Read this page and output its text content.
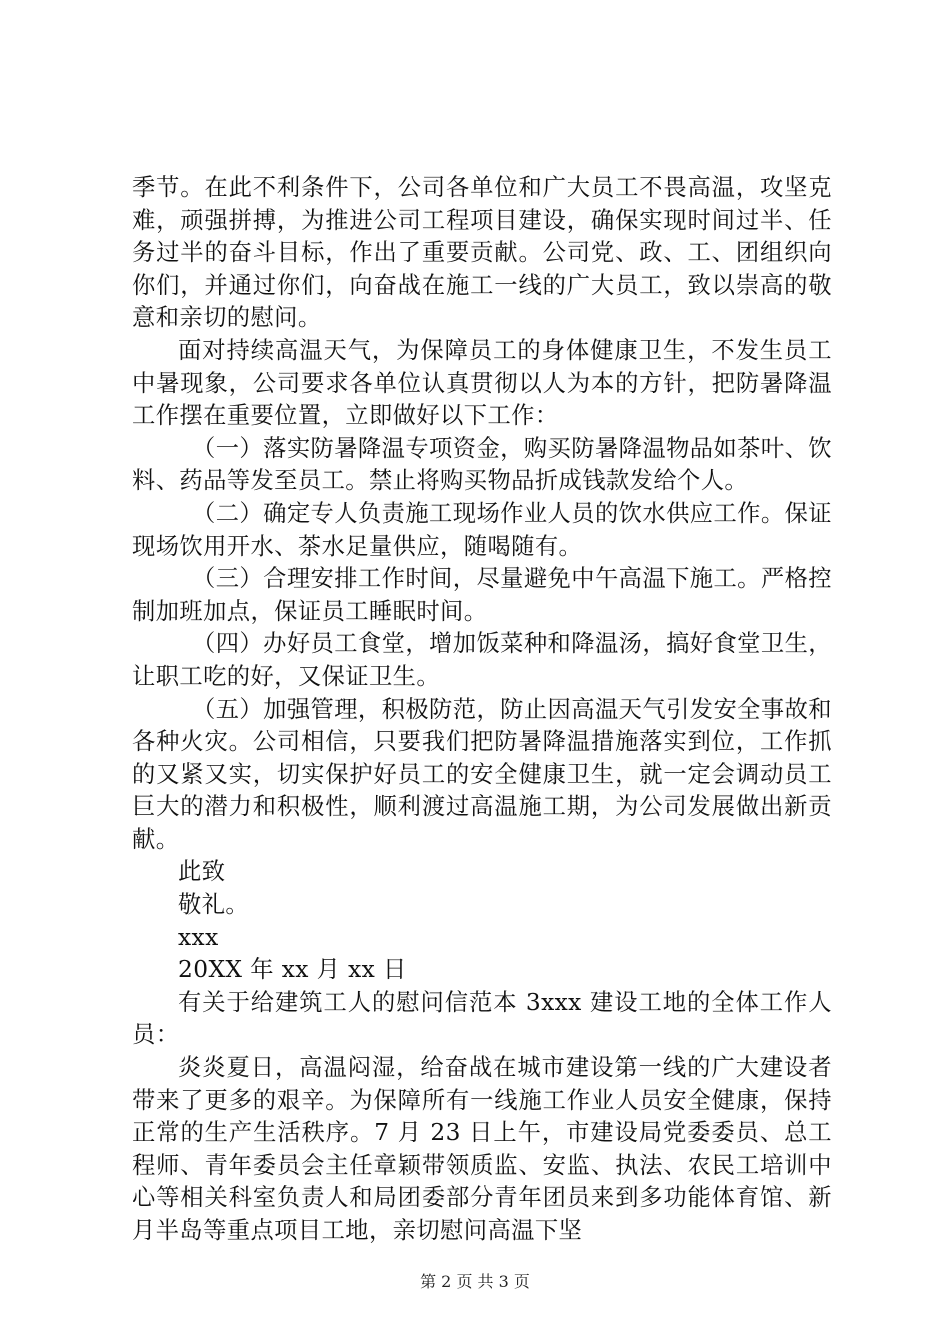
季节。在此不利条件下，公司各单位和广大员工不畏高温，攻坚克难，顽强拼搏，为推进公司工程项目建设，确保实现时间过半、任务过半的奋斗目标，作出了重要贡献。公司党、政、工、团组织向你们，并通过你们，向奋战在施工一线的广大员工，致以崇高的敬意和亲切的慰问。

面对持续高温天气，为保障员工的身体健康卫生，不发生员工中暑现象，公司要求各单位认真贯彻以人为本的方针，把防暑降温工作摆在重要位置，立即做好以下工作：

（一）落实防暑降温专项资金，购买防暑降温物品如茶叶、饮料、药品等发至员工。禁止将购买物品折成钱款发给个人。

（二）确定专人负责施工现场作业人员的饮水供应工作。保证现场饮用开水、茶水足量供应，随喝随有。

（三）合理安排工作时间，尽量避免中午高温下施工。严格控制加班加点，保证员工睡眠时间。

（四）办好员工食堂，增加饭菜种和降温汤，搞好食堂卫生，让职工吃的好，又保证卫生。

（五）加强管理，积极防范，防止因高温天气引发安全事故和各种火灾。公司相信，只要我们把防暑降温措施落实到位，工作抓的又紧又实，切实保护好员工的安全健康卫生，就一定会调动员工巨大的潜力和积极性，顺利渡过高温施工期，为公司发展做出新贡献。

此致

敬礼。

xxx

20XX 年 xx 月 xx 日

有关于给建筑工人的慰问信范本 3xxx 建设工地的全体工作人员：

炎炎夏日，高温闷湿，给奋战在城市建设第一线的广大建设者带来了更多的艰辛。为保障所有一线施工作业人员安全健康，保持正常的生产生活秩序。7 月 23 日上午，市建设局党委委员、总工程师、青年委员会主任章颖带领质监、安监、执法、农民工培训中心等相关科室负责人和局团委部分青年团员来到多功能体育馆、新月半岛等重点项目工地，亲切慰问高温下坚

第 2 页 共 3 页
